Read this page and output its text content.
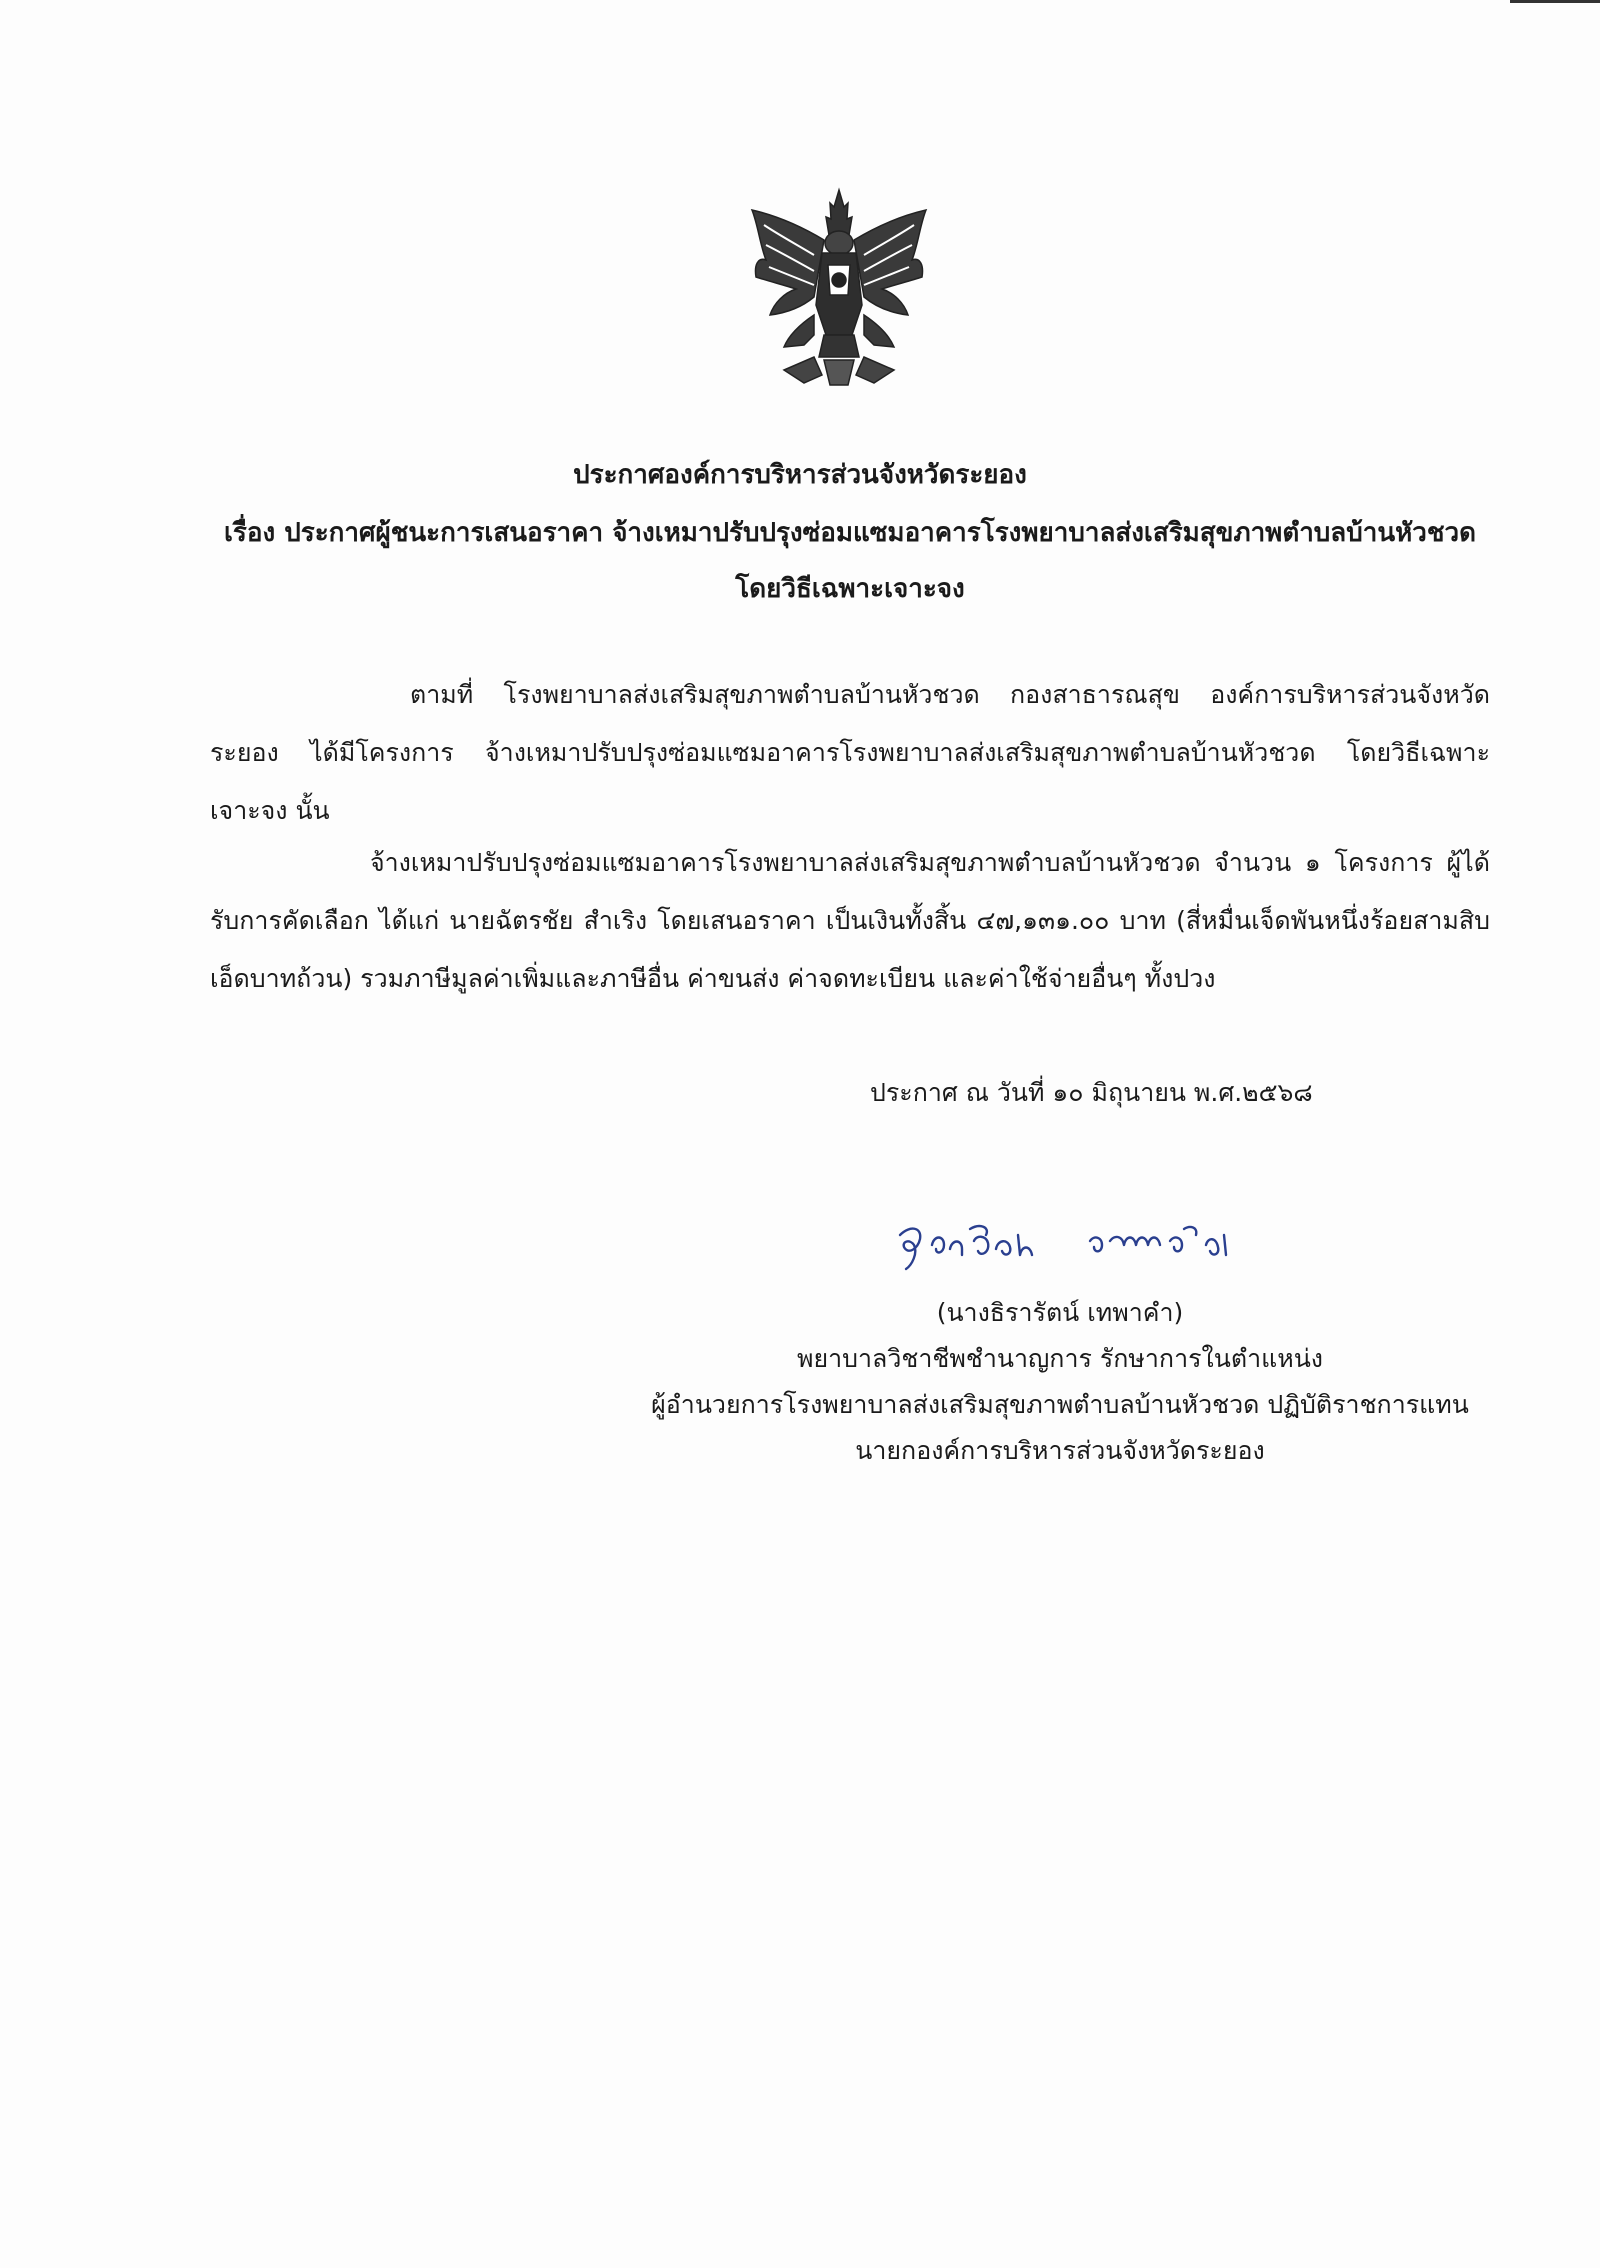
ประกาศองค์การบริหารส่วนจังหวัดระยอง
เรื่อง ประกาศผู้ชนะการเสนอราคา จ้างเหมาปรับปรุงซ่อมแซมอาคารโรงพยาบาลส่งเสริมสุขภาพตำบลบ้านหัวชวด โดยวิธีเฉพาะเจาะจง
ตามที่ โรงพยาบาลส่งเสริมสุขภาพตำบลบ้านหัวชวด กองสาธารณสุข องค์การบริหารส่วนจังหวัดระยอง ได้มีโครงการ จ้างเหมาปรับปรุงซ่อมแซมอาคารโรงพยาบาลส่งเสริมสุขภาพตำบลบ้านหัวชวด โดยวิธีเฉพาะเจาะจง นั้น
จ้างเหมาปรับปรุงซ่อมแซมอาคารโรงพยาบาลส่งเสริมสุขภาพตำบลบ้านหัวชวด จำนวน ๑ โครงการ ผู้ได้รับการคัดเลือก ได้แก่ นายฉัตรชัย สำเริง โดยเสนอราคา เป็นเงินทั้งสิ้น ๔๗,๑๓๑.๐๐ บาท (สี่หมื่นเจ็ดพันหนึ่งร้อยสามสิบเอ็ดบาทถ้วน) รวมภาษีมูลค่าเพิ่มและภาษีอื่น ค่าขนส่ง ค่าจดทะเบียน และค่าใช้จ่ายอื่นๆ ทั้งปวง
ประกาศ ณ วันที่ ๑๐ มิถุนายน พ.ศ.๒๕๖๘
(นางธิรารัตน์ เทพาคำ)
พยาบาลวิชาชีพชำนาญการ รักษาการในตำแหน่ง
ผู้อำนวยการโรงพยาบาลส่งเสริมสุขภาพตำบลบ้านหัวชวด ปฏิบัติราชการแทน
นายกองค์การบริหารส่วนจังหวัดระยอง
